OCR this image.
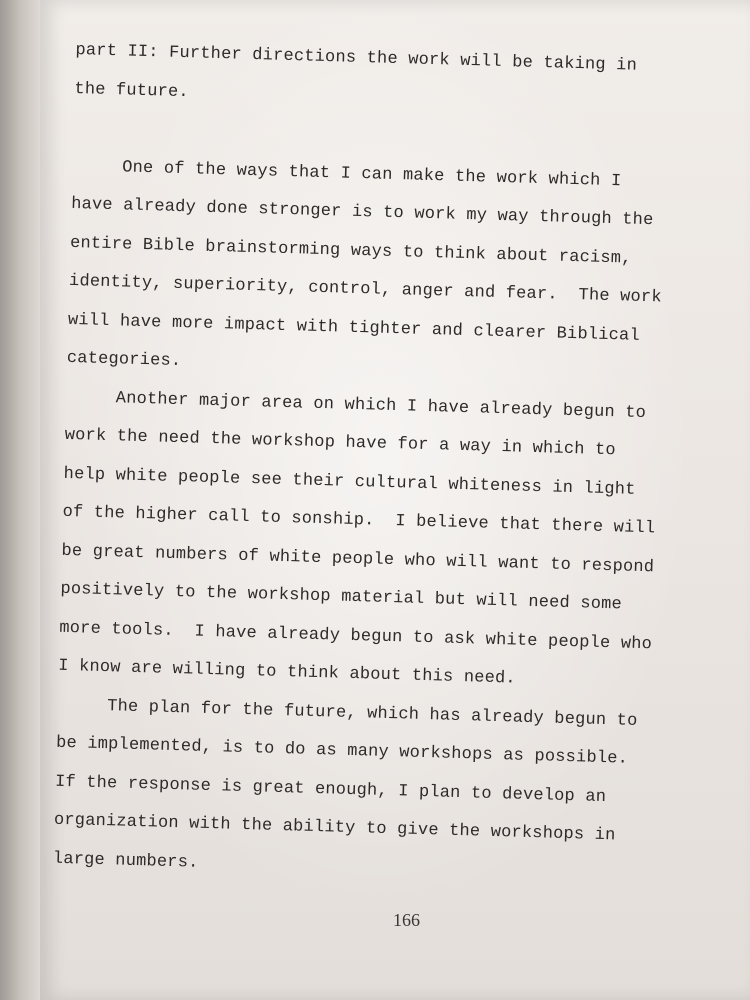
part II: Further directions the work will be taking in
the future.
One of the ways that I can make the work which I
have already done stronger is to work my way through the
entire Bible brainstorming ways to think about racism,
identity, superiority, control, anger and fear.  The work
will have more impact with tighter and clearer Biblical
categories.
Another major area on which I have already begun to
work the need the workshop have for a way in which to
help white people see their cultural whiteness in light
of the higher call to sonship.  I believe that there will
be great numbers of white people who will want to respond
positively to the workshop material but will need some
more tools.  I have already begun to ask white people who
I know are willing to think about this need.
The plan for the future, which has already begun to
be implemented, is to do as many workshops as possible.
If the response is great enough, I plan to develop an
organization with the ability to give the workshops in
large numbers.
166
